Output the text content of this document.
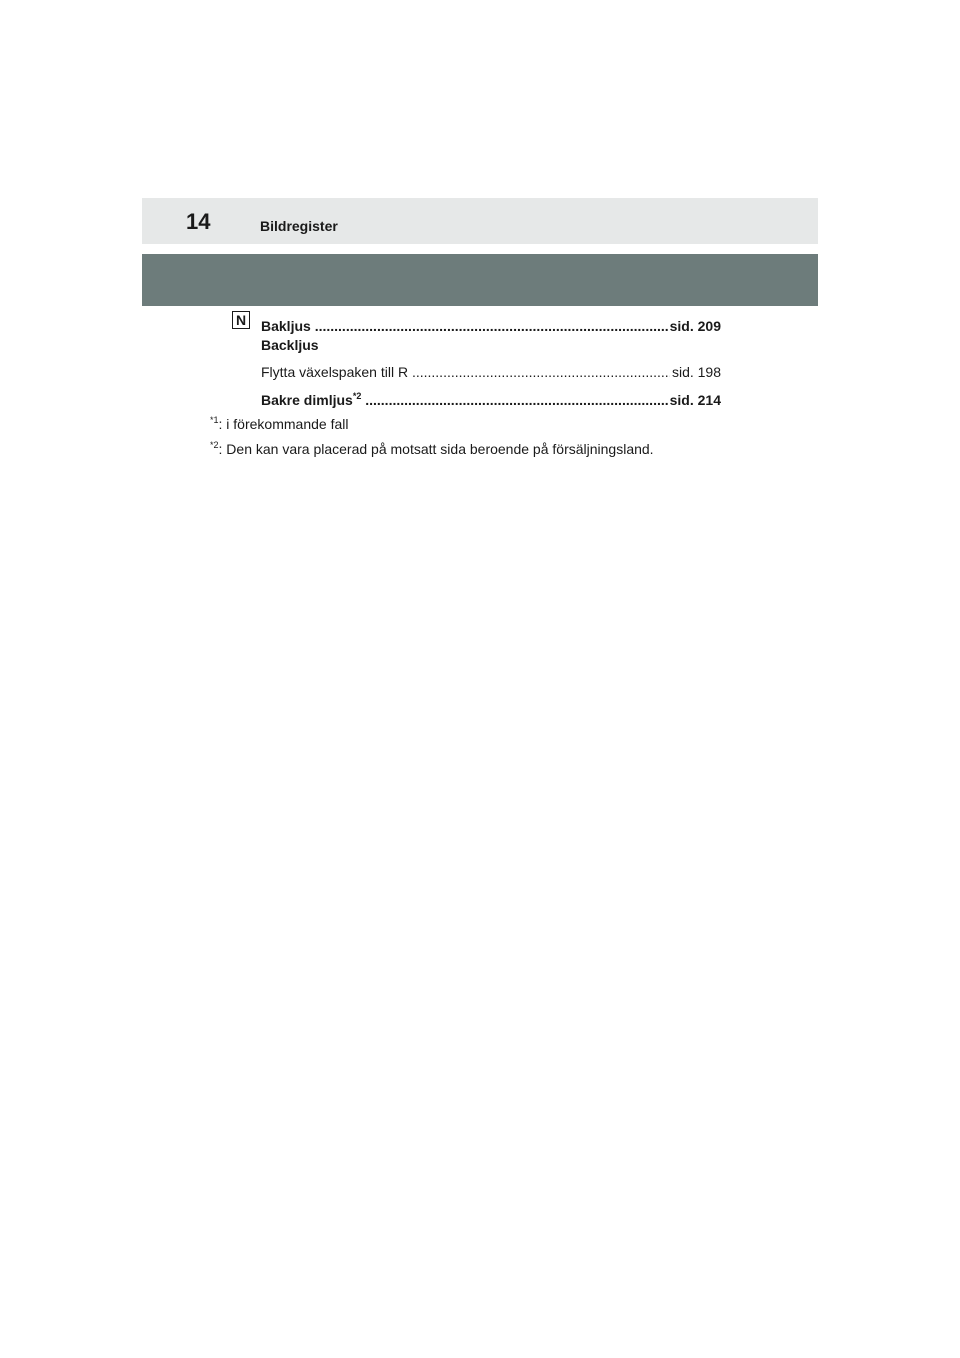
14	Bildregister
N Bakljus .....	sid. 209
Backljus
Flytta växelspaken till R .....	sid. 198
Bakre dimljus$^{*2}$ .....	sid. 214
$^{*1}$: i förekommande fall
$^{*2}$: Den kan vara placerad på motsatt sida beroende på försäljningsland.
